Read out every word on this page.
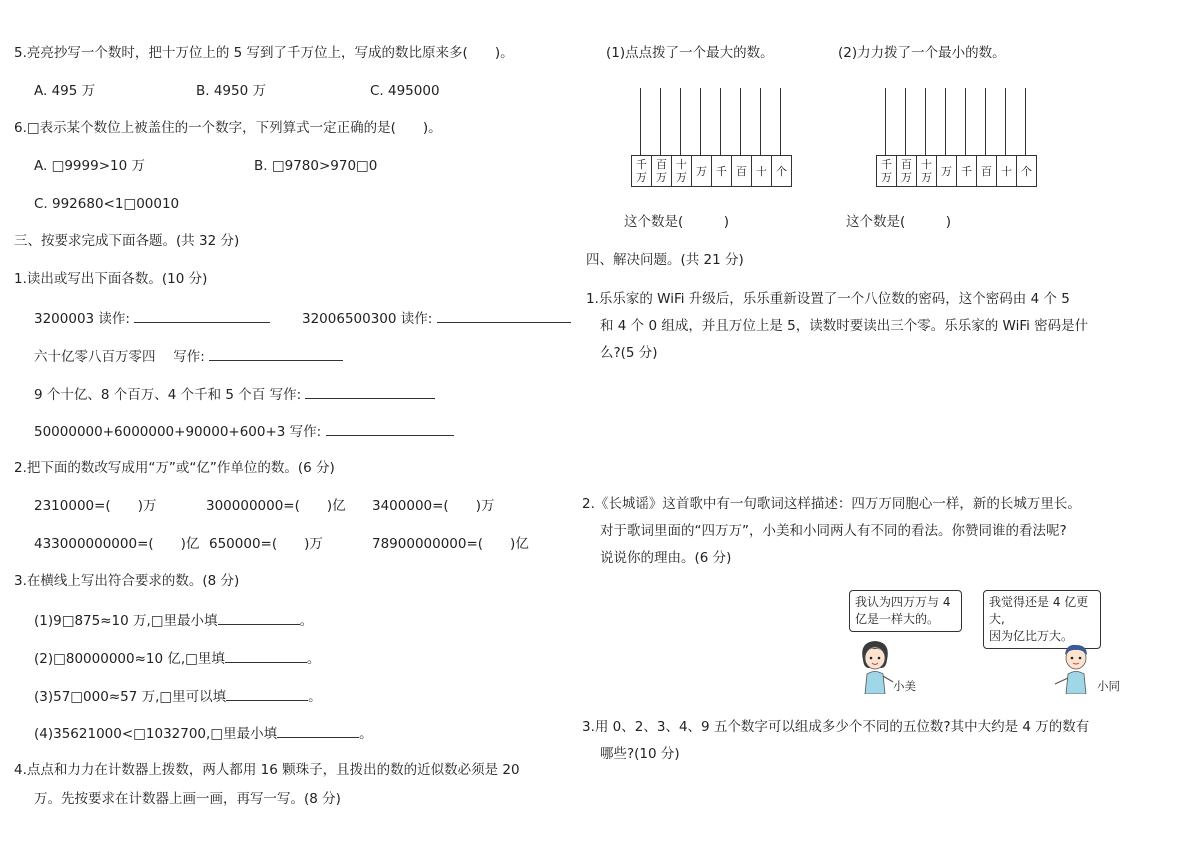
5.亮亮抄写一个数时，把十万位上的 5 写到了千万位上，写成的数比原来多(　　)。
A. 495 万	B. 4950 万	C. 495000
6.□表示某个数位上被盖住的一个数字，下列算式一定正确的是(　　)。
A. □9999>10 万	B. □9780>970□0
C. 992680<1□00010
三、按要求完成下面各题。(共 32 分)
1.读出或写出下面各数。(10 分)
3200003 读作:	32006500300 读作:
六十亿零八百万零四　 写作:
9 个十亿、8 个百万、4 个千和 5 个百 写作:
50000000+6000000+90000+600+3 写作:
2.把下面的数改写成用“万”或“亿”作单位的数。(6 分)
2310000=(　　)万	300000000=(　　)亿 3400000=(　　)万
433000000000=(　　)亿 650000=(　　)万	78900000000=(　　)亿
3.在横线上写出符合要求的数。(8 分)
(1)9□875≈10 万,□里最小填	。
(2)□80000000≈10 亿,□里填	。
(3)57□000≈57 万,□里可以填	。
(4)35621000<□1032700,□里最小填	。
4.点点和力力在计数器上拨数，两人都用 16 颗珠子，且拨出的数的近似数必须是 20
万。先按要求在计数器上画一画，再写一写。(8 分)
(1)点点拨了一个最大的数。	(2)力力拨了一个最小的数。
千万
百万
十万 万 千 百 十 个	千万
百万
十万 万 千 百 十 个
这个数是(　　　)	这个数是(　　　)
四、解决问题。(共 21 分)
1.乐乐家的 WiFi 升级后，乐乐重新设置了一个八位数的密码，这个密码由 4 个 5
和 4 个 0 组成，并且万位上是 5，读数时要读出三个零。乐乐家的 WiFi 密码是什
么?(5 分)
2.《长城谣》这首歌中有一句歌词这样描述：四万万同胞心一样，新的长城万里长。
对于歌词里面的“四万万”，小美和小同两人有不同的看法。你赞同谁的看法呢?
说说你的理由。(6 分)
我认为四万万与 4
亿是一样大的。
我觉得还是 4 亿更大,
因为亿比万大。
小美	小同
3.用 0、2、3、4、9 五个数字可以组成多少个不同的五位数?其中大约是 4 万的数有
哪些?(10 分)
